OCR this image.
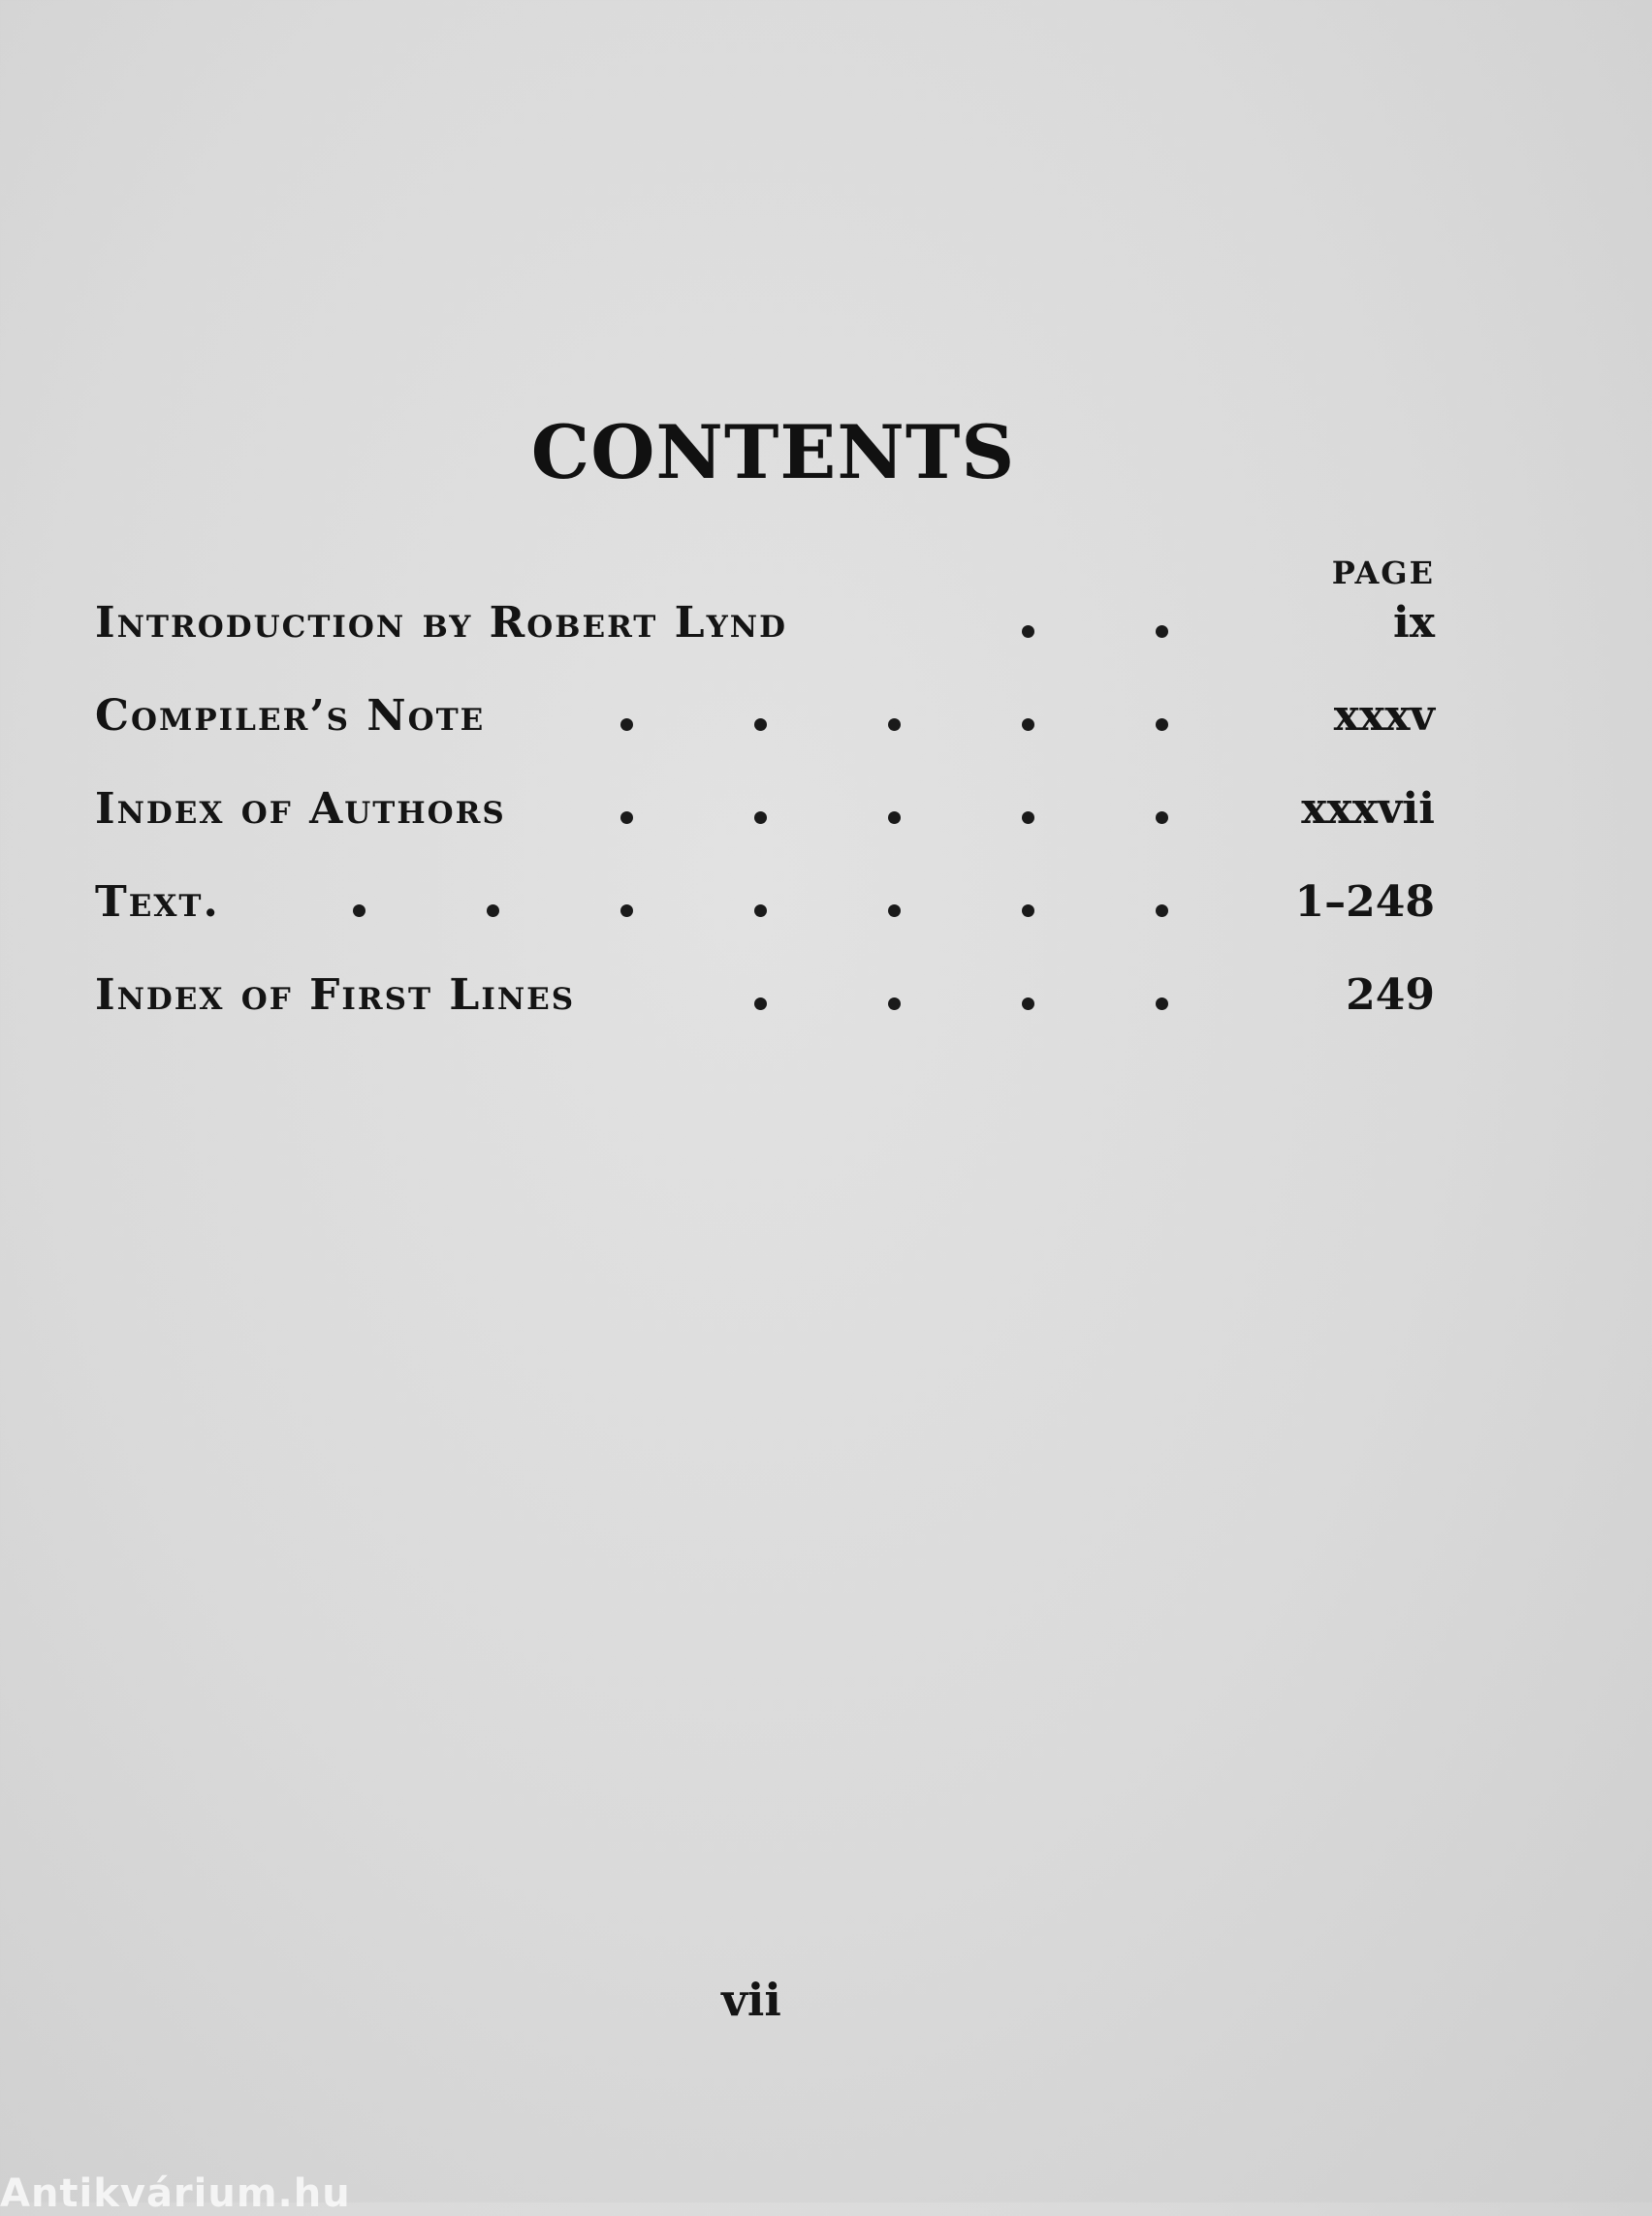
CONTENTS
PAGE
Introduction by Robert Lynd	ix
Compiler’s Note	xxxv
Index of Authors	xxxvii
Text.	1–248
Index of First Lines	249
vii
Antikvárium.hu
